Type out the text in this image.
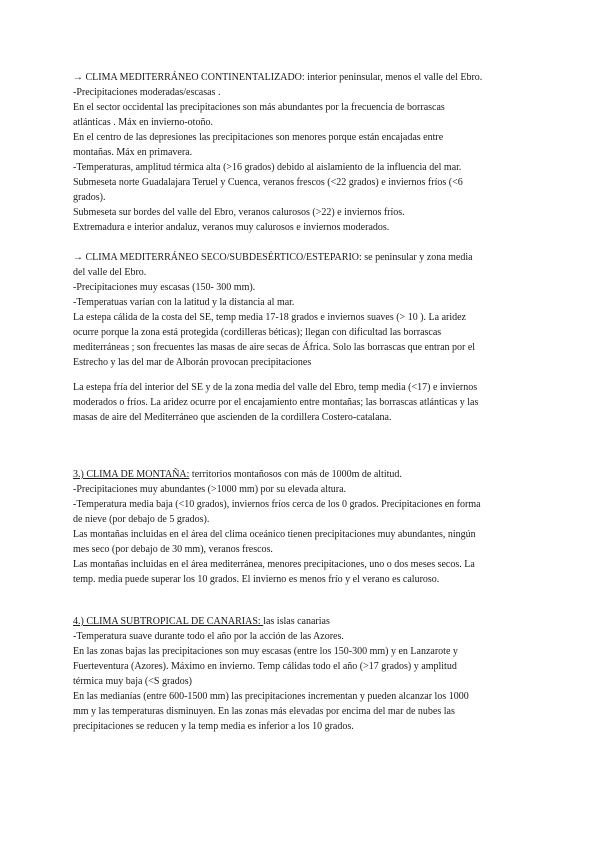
→ CLIMA MEDITERRÁNEO CONTINENTALIZADO: interior peninsular, menos el valle del Ebro.

-Precipitaciones moderadas/escasas .

En el sector occidental las precipitaciones son más abundantes por la frecuencia de borrascas

atlánticas . Máx en invierno-otoño.

En el centro de las depresiones las precipitaciones son menores porque están encajadas entre

montañas. Máx en primavera.

-Temperaturas, amplitud térmica alta (>16 grados) debido al aislamiento de la influencia del mar.

Submeseta norte Guadalajara Teruel y Cuenca, veranos frescos (<22 grados) e inviernos fríos (<6

grados).

Submeseta sur bordes del valle del Ebro, veranos calurosos (>22) e inviernos fríos.

Extremadura e interior andaluz, veranos muy calurosos e inviernos moderados.

→ CLIMA MEDITERRÁNEO SECO/SUBDESÉRTICO/ESTEPARIO: se peninsular y zona media

del valle del Ebro.

-Precipitaciones muy escasas (150- 300 mm).

-Temperatuas varían con la latitud y la distancia al mar.

La estepa cálida de la costa del SE, temp media 17-18 grados e inviernos suaves (> 10 ). La aridez

ocurre porque la zona está protegida (cordilleras béticas); llegan con dificultad las borrascas

mediterráneas ; son frecuentes las masas de aire secas de África. Solo las borrascas que entran por el

Estrecho y las del mar de Alborán provocan precipitaciones

La estepa fría del interior del SE y de la zona media del valle del Ebro, temp media (<17) e inviernos

moderados o fríos. La aridez ocurre por el encajamiento entre montañas; las borrascas atlánticas y las

masas de aire del Mediterráneo que ascienden de la cordillera Costero-catalana.

3.) CLIMA DE MONTAÑA: territorios montañosos con más de 1000m de altitud.

-Precipitaciones muy abundantes (>1000 mm) por su elevada altura.

-Temperatura media baja (<10 grados), inviernos fríos cerca de los 0 grados. Precipitaciones en forma

de nieve (por debajo de 5 grados).

Las montañas incluidas en el área del clima oceánico tienen precipitaciones muy abundantes, ningún

mes seco (por debajo de 30 mm), veranos frescos.

Las montañas incluidas en el área mediterránea, menores precipitaciones, uno o dos meses secos. La

temp. media puede superar los 10 grados. El invierno es menos frío y el verano es caluroso.

4.) CLIMA SUBTROPICAL DE CANARIAS: las islas canarias

-Temperatura suave durante todo el año por la acción de las Azores.

En las zonas bajas las precipitaciones son muy escasas (entre los 150-300 mm) y en Lanzarote y

Fuerteventura (Azores). Máximo en invierno. Temp cálidas todo el año (>17 grados) y amplitud

térmica muy baja (<S grados)

En las medianías (entre 600-1500 mm) las precipitaciones incrementan y pueden alcanzar los 1000

mm y las temperaturas disminuyen. En las zonas más elevadas por encima del mar de nubes las

precipitaciones se reducen y la temp media es inferior a los 10 grados.
